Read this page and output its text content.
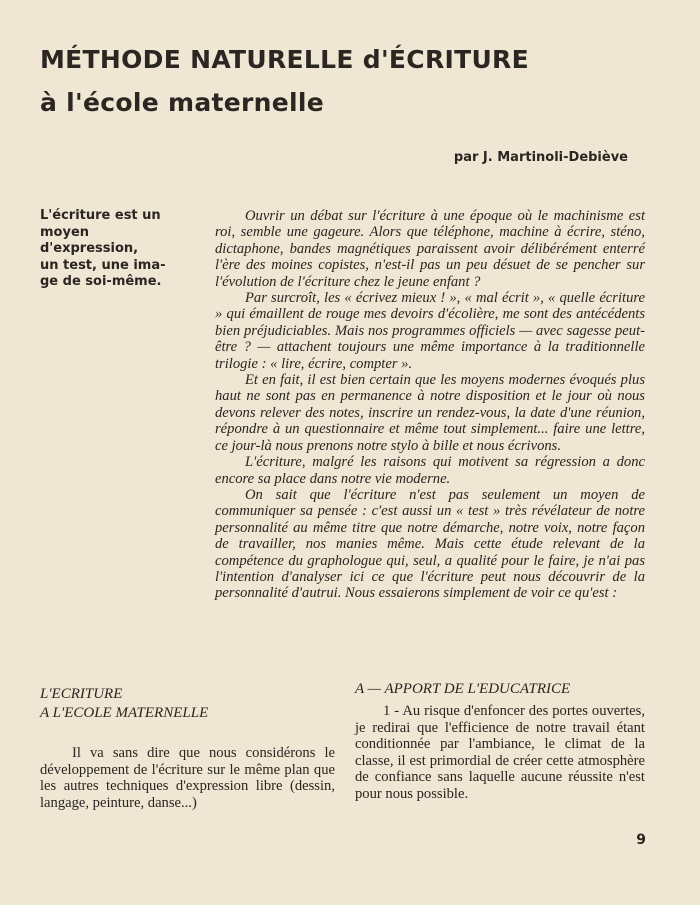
MÉTHODE NATURELLE d'ÉCRITURE
à l'école maternelle
par J. Martinoli-Debiève
L'écriture est un
moyen
d'expression,
un test, une ima-
ge de soi-même.

Ouvrir un débat sur l'écriture à une époque où le machinisme est roi, semble une gageure. Alors que téléphone, machine à écrire, sténo, dictaphone, bandes magnétiques paraissent avoir délibérément enterré l'ère des moines copistes, n'est-il pas un peu désuet de se pencher sur l'évolution de l'écriture chez le jeune enfant ?

Par surcroît, les « écrivez mieux ! », « mal écrit », « quelle écriture » qui émaillent de rouge mes devoirs d'écolière, me sont des antécédents bien préjudiciables. Mais nos programmes officiels — avec sagesse peut-être ? — attachent toujours une même importance à la traditionnelle trilogie : « lire, écrire, compter ».

Et en fait, il est bien certain que les moyens modernes évoqués plus haut ne sont pas en permanence à notre disposition et le jour où nous devons relever des notes, inscrire un rendez-vous, la date d'une réunion, répondre à un questionnaire et même tout simplement... faire une lettre, ce jour-là nous prenons notre stylo à bille et nous écrivons.

L'écriture, malgré les raisons qui motivent sa régression a donc encore sa place dans notre vie moderne.

On sait que l'écriture n'est pas seulement un moyen de communiquer sa pensée : c'est aussi un « test » très révélateur de notre personnalité au même titre que notre démarche, notre voix, notre façon de travailler, nos manies même. Mais cette étude relevant de la compétence du graphologue qui, seul, a qualité pour le faire, je n'ai pas l'intention d'analyser ici ce que l'écriture peut nous découvrir de la personnalité d'autrui. Nous essaierons simplement de voir ce qu'est :

L'ECRITURE
A L'ECOLE MATERNELLE

Il va sans dire que nous considérons le développement de l'écriture sur le même plan que les autres techniques d'expression libre (dessin, langage, peinture, danse...)

A — APPORT DE L'EDUCATRICE

1 - Au risque d'enfoncer des portes ouvertes, je redirai que l'efficience de notre travail étant conditionnée par l'ambiance, le climat de la classe, il est primordial de créer cette atmosphère de confiance sans laquelle aucune réussite n'est pour nous possible.

9
